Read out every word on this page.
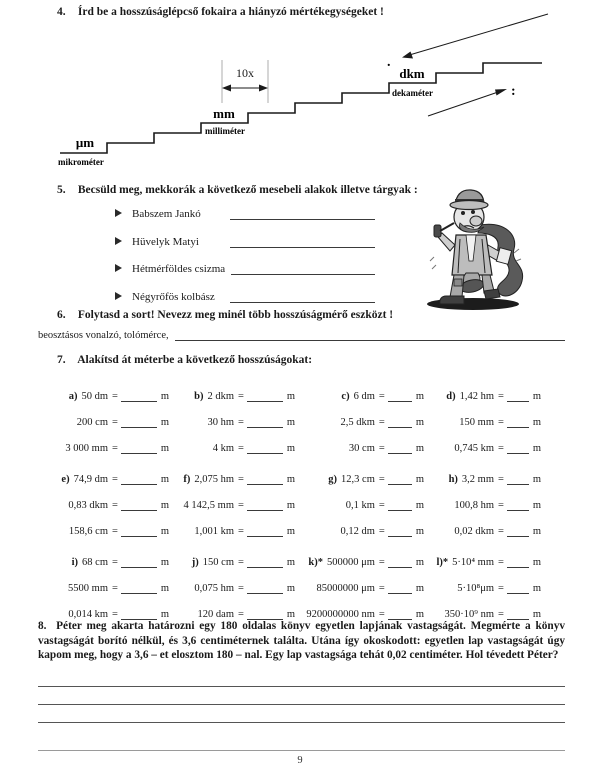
4. Írd be a hosszúságlépcső fokaira a hiányzó mértékegységeket !
10x
μm
mikrométer
mm
milliméter
dkm
dekaméter
.
:
5. Becsüld meg, mekkorák a következő mesebeli alakok illetve tárgyak :
Babszem Jankó
Hüvelyk Matyi
Hétmérföldes csizma
Négyrőfös kolbász
6. Folytasd a sort! Nevezz meg minél több hosszúságmérő eszközt !
beosztásos vonalzó, tolómérce,
7. Alakítsd át méterbe a következő hosszúságokat:
a) 50 dm =	m
200 cm =	m
3 000 mm =	m
b) 2 dkm =	m
30 hm =	m
4 km =	m
c) 6 dm =	m
2,5 dkm =	m
30 cm =	m
d) 1,42 hm =	m
150 mm =	m
0,745 km =	m
e) 74,9 dm =	m
0,83 dkm =	m
158,6 cm =	m
f) 2,075 hm =	m
4 142,5 mm =	m
1,001 km =	m
g) 12,3 cm =	m
0,1 km =	m
0,12 dm =	m
h) 3,2 mm =	m
100,8 hm =	m
0,02 dkm =	m
i) 68 cm =	m
5500 mm =	m
0,014 km =	m
j) 150 cm =	m
0,075 hm =	m
120 dam =	m
k)* 500000 μm =	m
85000000 μm =	m
9200000000 nm =	m
l)* 5·10⁴ mm =	m
5·10⁸μm =	m
350·10⁹ nm =	m
8. Péter meg akarta határozni egy 180 oldalas könyv egyetlen lapjának vastagságát. Megmérte a könyv vastagságát borító nélkül, és 3,6 centiméternek találta. Utána így okoskodott: egyetlen lap vastagságát úgy kapom meg, hogy a 3,6 – et elosztom 180 – nal. Egy lap vastagsága tehát 0,02 centiméter. Hol tévedett Péter?
9
